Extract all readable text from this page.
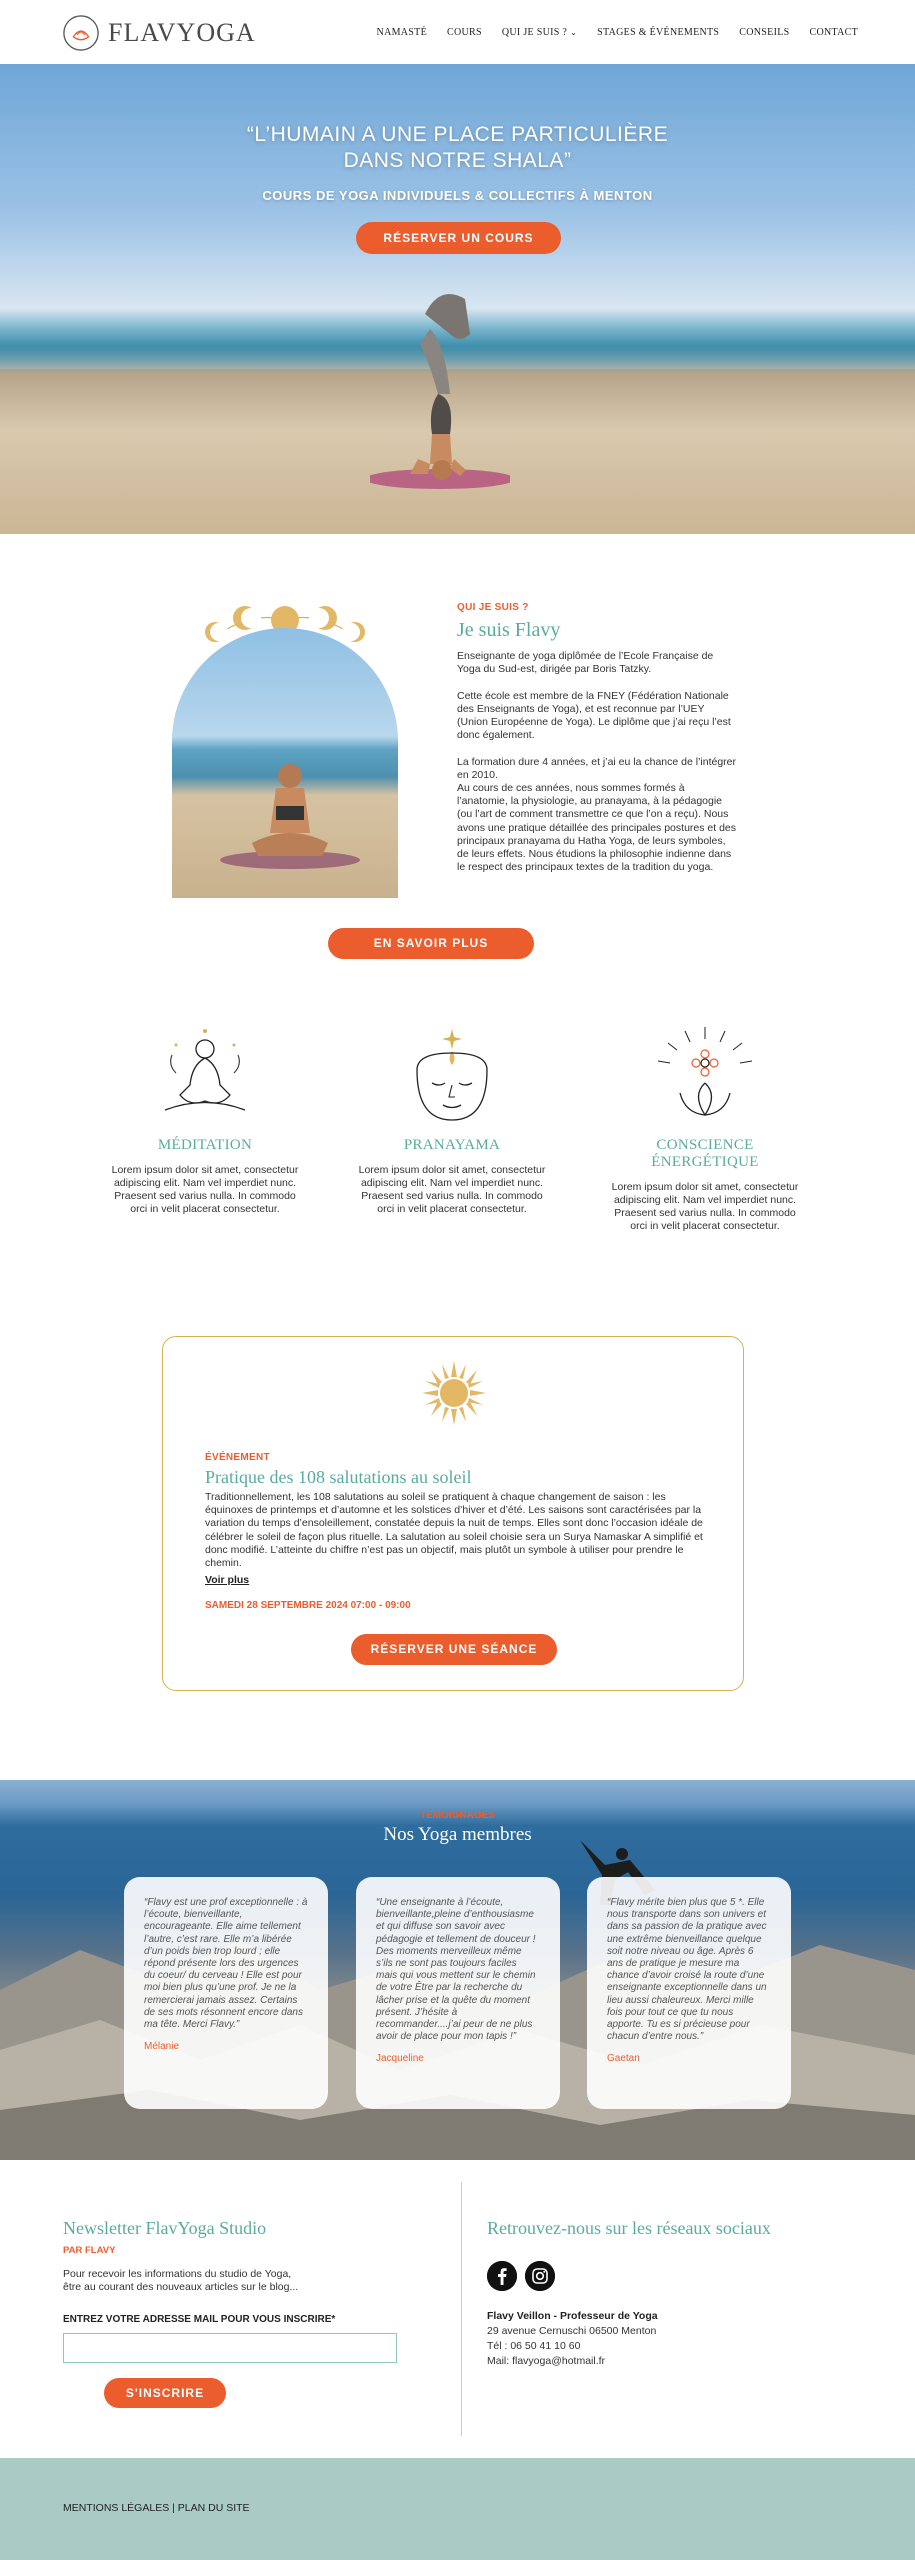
FLAVYOGA	NAMASTÉ COURS QUI JE SUIS ? ⌄ STAGES & ÉVÉNEMENTS CONSEILS CONTACT
“L’HUMAIN A UNE PLACE PARTICULIÈRE
DANS NOTRE SHALA”
COURS DE YOGA INDIVIDUELS & COLLECTIFS À MENTON
RÉSERVER UN COURS
QUI JE SUIS ?
Je suis Flavy
Enseignante de yoga diplômée de l’Ecole Française de Yoga du Sud-est, dirigée par Boris Tatzky.

Cette école est membre de la FNEY (Fédération Nationale des Enseignants de Yoga), et est reconnue par l’UEY (Union Européenne de Yoga). Le diplôme que j’ai reçu l’est donc également.

La formation dure 4 années, et j’ai eu la chance de l’intégrer en 2010.
Au cours de ces années, nous sommes formés à l’anatomie, la physiologie, au pranayama, à la pédagogie (ou l’art de comment transmettre ce que l’on a reçu). Nous avons une pratique détaillée des principales postures et des principaux pranayama du Hatha Yoga, de leurs symboles, de leurs effets. Nous étudions la philosophie indienne dans le respect des principaux textes de la tradition du yoga.
EN SAVOIR PLUS
MÉDITATION

Lorem ipsum dolor sit amet, consectetur adipiscing elit. Nam vel imperdiet nunc. Praesent sed varius nulla. In commodo orci in velit placerat consectetur.

PRANAYAMA

Lorem ipsum dolor sit amet, consectetur adipiscing elit. Nam vel imperdiet nunc. Praesent sed varius nulla. In commodo orci in velit placerat consectetur.

CONSCIENCE ÉNERGÉTIQUE

Lorem ipsum dolor sit amet, consectetur adipiscing elit. Nam vel imperdiet nunc. Praesent sed varius nulla. In commodo orci in velit placerat consectetur.

ÉVÉNEMENT
Pratique des 108 salutations au soleil
Traditionnellement, les 108 salutations au soleil se pratiquent à chaque changement de saison : les équinoxes de printemps et d’automne et les solstices d’hiver et d’été. Les saisons sont caractérisées par la variation du temps d’ensoleillement, constatée depuis la nuit de temps. Elles sont donc l’occasion idéale de célébrer le soleil de façon plus rituelle. La salutation au soleil choisie sera un Surya Namaskar A simplifié et donc modifié. L’atteinte du chiffre n’est pas un objectif, mais plutôt un symbole à utiliser pour prendre le chemin.
Voir plus
SAMEDI 28 SEPTEMBRE 2024 07:00 - 09:00
RÉSERVER UNE SÉANCE
TÉMOIGNAGES
Nos Yoga membres

“Flavy est une prof exceptionnelle : à l’écoute, bienveillante, encourageante. Elle aime tellement l’autre, c’est rare. Elle m’a libérée d’un poids bien trop lourd ; elle répond présente lors des urgences du coeur/ du cerveau ! Elle est pour moi bien plus qu’une prof. Je ne la remercierai jamais assez. Certains de ses mots résonnent encore dans ma tête. Merci Flavy.”

Mélanie

“Une enseignante à l’écoute, bienveillante,pleine d’enthousiasme et qui diffuse son savoir avec pédagogie et tellement de douceur ! Des moments merveilleux même s’ils ne sont pas toujours faciles mais qui vous mettent sur le chemin de votre Être par la recherche du lâcher prise et la quête du moment présent. J’hésite à recommander....j’ai peur de ne plus avoir de place pour mon tapis !”

Jacqueline

“Flavy mérite bien plus que 5 *. Elle nous transporte dans son univers et dans sa passion de la pratique avec une extrême bienveillance quelque soit notre niveau ou âge. Après 6 ans de pratique je mesure ma chance d’avoir croisé la route d’une enseignante exceptionnelle dans un lieu aussi chaleureux. Merci mille fois pour tout ce que tu nous apporte. Tu es si précieuse pour chacun d’entre nous.”

Gaetan
Newsletter FlavYoga Studio
PAR FLAVY
Pour recevoir les informations du studio de Yoga,
être au courant des nouveaux articles sur le blog...
ENTREZ VOTRE ADRESSE MAIL POUR VOUS INSCRIRE*
S'INSCRIRE
Retrouvez-nous sur les réseaux sociaux
Flavy Veillon - Professeur de Yoga
29 avenue Cernuschi 06500 Menton
Tél : 06 50 41 10 60
Mail: flavyoga@hotmail.fr
MENTIONS LÉGALES | PLAN DU SITE
